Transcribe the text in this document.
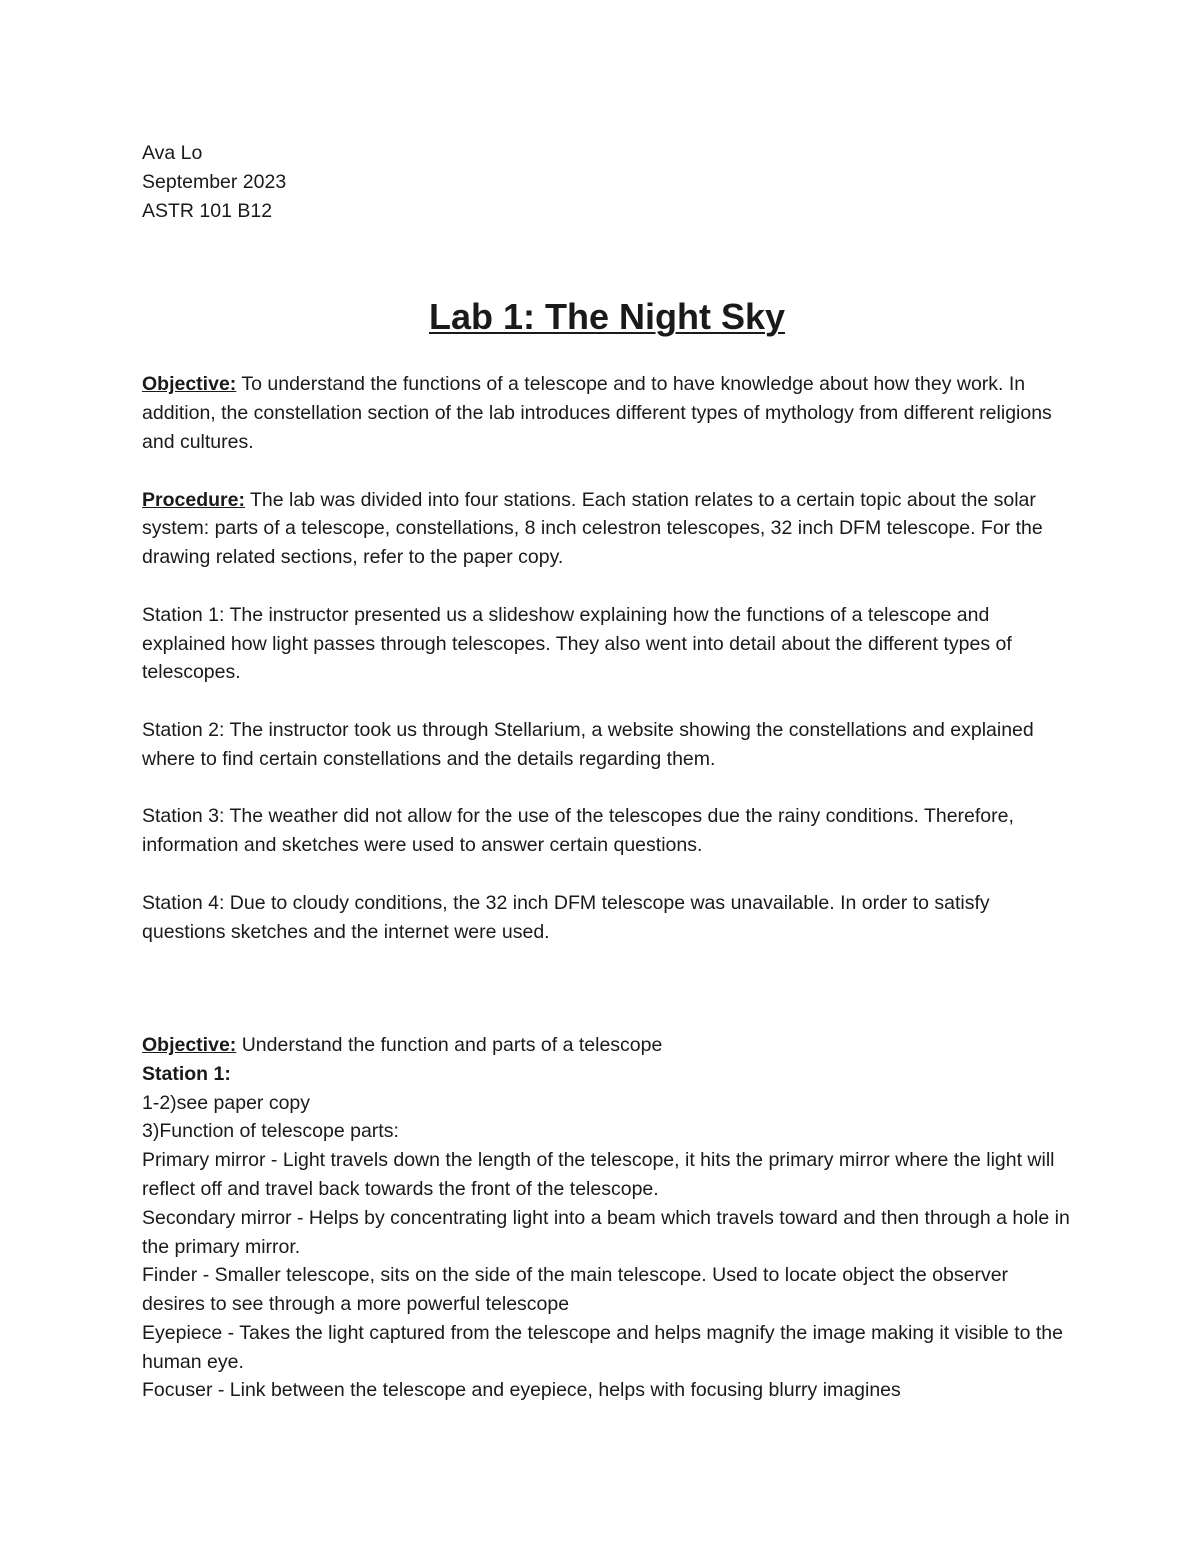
Ava Lo

September 2023

ASTR 101 B12

Lab 1: The Night Sky

Objective: To understand the functions of a telescope and to have knowledge about how they work. In addition, the constellation section of the lab introduces different types of mythology from different religions and cultures.

Procedure: The lab was divided into four stations. Each station relates to a certain topic about the solar system: parts of a telescope, constellations, 8 inch celestron telescopes, 32 inch DFM telescope. For the drawing related sections, refer to the paper copy.

Station 1: The instructor presented us a slideshow explaining how the functions of a telescope and explained how light passes through telescopes. They also went into detail about the different types of telescopes.

Station 2: The instructor took us through Stellarium, a website showing the constellations and explained where to find certain constellations and the details regarding them.

Station 3: The weather did not allow for the use of the telescopes due the rainy conditions. Therefore, information and sketches were used to answer certain questions.

Station 4: Due to cloudy conditions, the 32 inch DFM telescope was unavailable. In order to satisfy questions sketches and the internet were used.

Objective: Understand the function and parts of a telescope

Station 1:

1-2)see paper copy

3)Function of telescope parts:

Primary mirror - Light travels down the length of the telescope, it hits the primary mirror where the light will reflect off and travel back towards the front of the telescope.

Secondary mirror - Helps by concentrating light into a beam which travels toward and then through a hole in the primary mirror.

Finder - Smaller telescope, sits on the side of the main telescope. Used to locate object the observer desires to see through a more powerful telescope

Eyepiece - Takes the light captured from the telescope and helps magnify the image making it visible to the human eye.

Focuser - Link between the telescope and eyepiece, helps with focusing blurry imagines
